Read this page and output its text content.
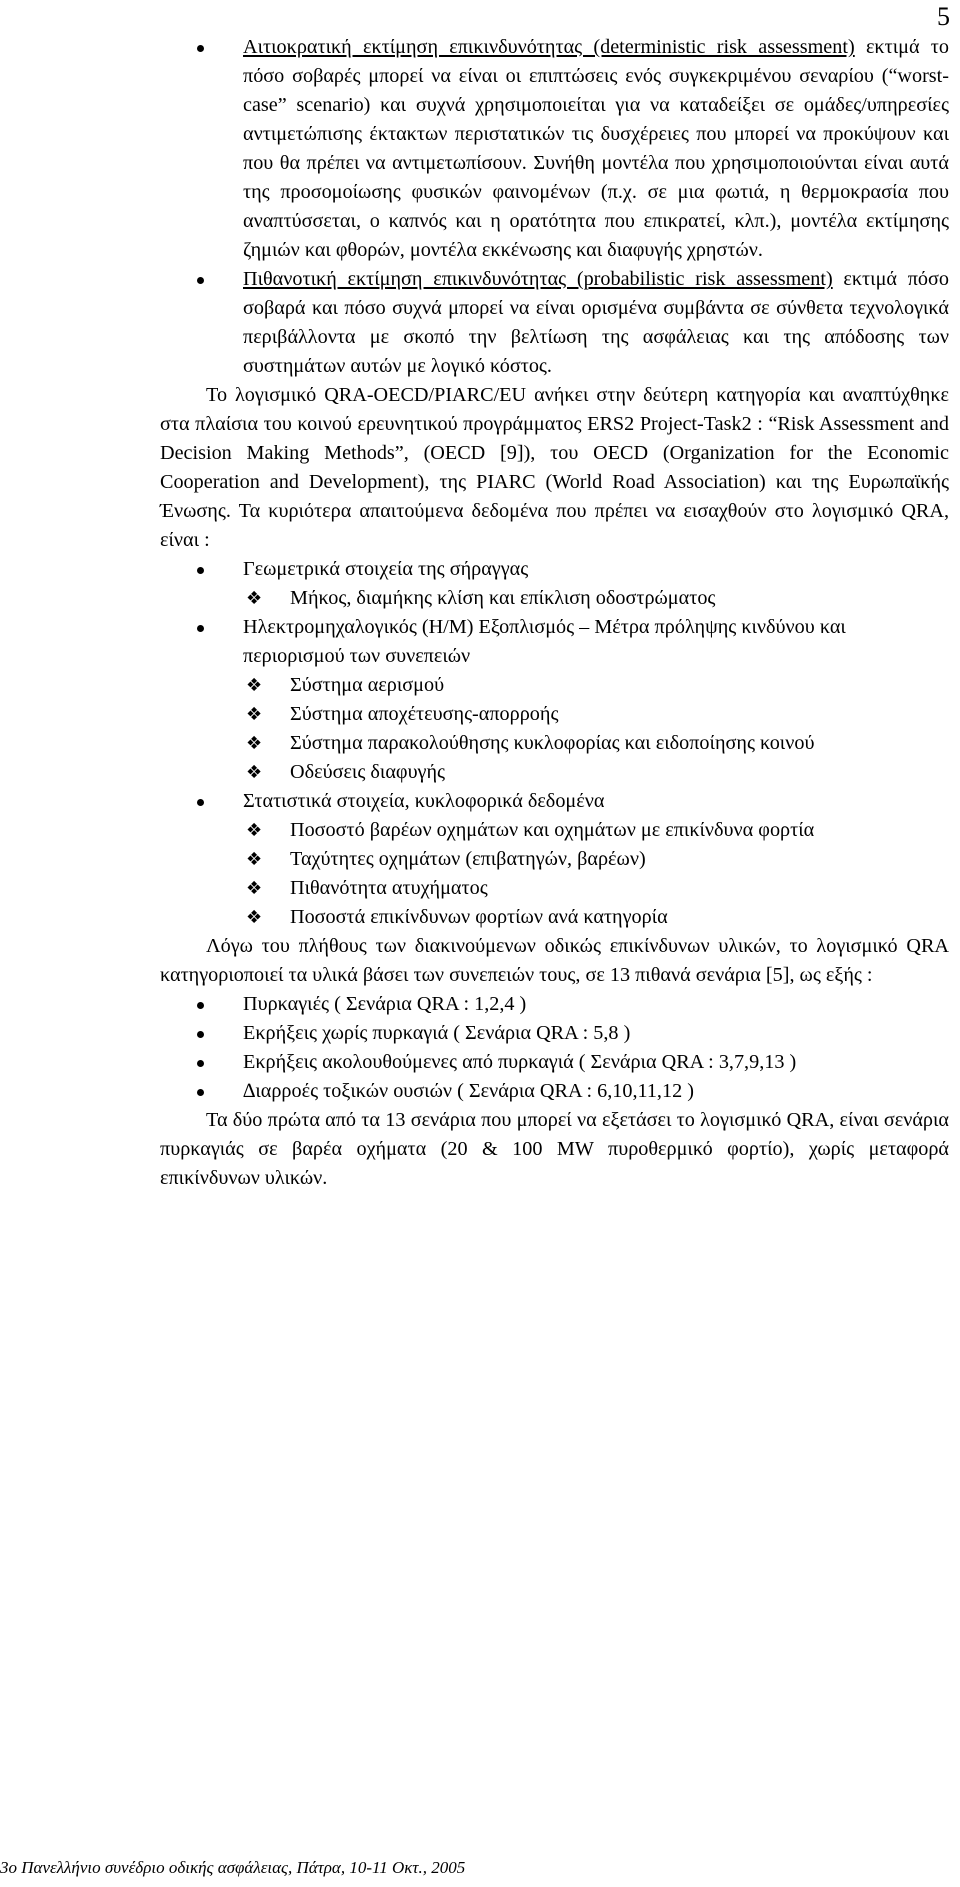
5

Αιτιοκρατική εκτίμηση επικινδυνότητας (deterministic risk assessment) εκτιμά το πόσο σοβαρές μπορεί να είναι οι επιπτώσεις ενός συγκεκριμένου σεναρίου (“worst-case” scenario) και συχνά χρησιμοποιείται για να καταδείξει σε ομάδες/υπηρεσίες αντιμετώπισης έκτακτων περιστατικών τις δυσχέρειες που μπορεί να προκύψουν και που θα πρέπει να αντιμετωπίσουν. Συνήθη μοντέλα που χρησιμοποιούνται είναι αυτά της προσομοίωσης φυσικών φαινομένων (π.χ. σε μια φωτιά, η θερμοκρασία που αναπτύσσεται, ο καπνός και η ορατότητα που επικρατεί, κλπ.), μοντέλα εκτίμησης ζημιών και φθορών, μοντέλα εκκένωσης και διαφυγής χρηστών.

Πιθανοτική εκτίμηση επικινδυνότητας (probabilistic risk assessment) εκτιμά πόσο σοβαρά και πόσο συχνά μπορεί να είναι ορισμένα συμβάντα σε σύνθετα τεχνολογικά περιβάλλοντα με σκοπό την βελτίωση της ασφάλειας και της απόδοσης των συστημάτων αυτών με λογικό κόστος.

Το λογισμικό QRA-OECD/PIARC/EU ανήκει στην δεύτερη κατηγορία και αναπτύχθηκε στα πλαίσια του κοινού ερευνητικού προγράμματος ERS2 Project-Task2 : “Risk Assessment and Decision Making Methods”, (OECD [9]), του OECD (Organization for the Economic Cooperation and Development), της PIARC (World Road Association) και της Ευρωπαϊκής Ένωσης. Τα κυριότερα απαιτούμενα δεδομένα που πρέπει να εισαχθούν στο λογισμικό QRA, είναι :

Γεωμετρικά στοιχεία της σήραγγας

❖ Μήκος, διαμήκης κλίση και επίκλιση οδοστρώματος

Ηλεκτρομηχαλογικός (Η/Μ) Εξοπλισμός – Μέτρα πρόληψης κινδύνου και περιορισμού των συνεπειών

❖ Σύστημα αερισμού

❖ Σύστημα αποχέτευσης-απορροής

❖ Σύστημα παρακολούθησης κυκλοφορίας και ειδοποίησης κοινού

❖ Οδεύσεις διαφυγής

Στατιστικά στοιχεία, κυκλοφορικά δεδομένα

❖ Ποσοστό βαρέων οχημάτων και οχημάτων με επικίνδυνα φορτία

❖ Ταχύτητες οχημάτων (επιβατηγών, βαρέων)

❖ Πιθανότητα ατυχήματος

❖ Ποσοστά επικίνδυνων φορτίων ανά κατηγορία

Λόγω του πλήθους των διακινούμενων οδικώς επικίνδυνων υλικών, το λογισμικό QRA κατηγοριοποιεί τα υλικά βάσει των συνεπειών τους, σε 13 πιθανά σενάρια [5], ως εξής :

Πυρκαγιές ( Σενάρια QRA : 1,2,4 )

Εκρήξεις χωρίς πυρκαγιά ( Σενάρια QRA : 5,8 )

Εκρήξεις ακολουθούμενες από πυρκαγιά ( Σενάρια QRA : 3,7,9,13 )

∆ιαρροές τοξικών ουσιών ( Σενάρια QRA : 6,10,11,12 )

Τα δύο πρώτα από τα 13 σενάρια που μπορεί να εξετάσει το λογισμικό QRA, είναι σενάρια πυρκαγιάς σε βαρέα οχήματα (20 & 100 MW πυροθερμικό φορτίο), χωρίς μεταφορά επικίνδυνων υλικών.

3ο Πανελλήνιο συνέδριο οδικής ασφάλειας, Πάτρα, 10-11 Οκτ., 2005
